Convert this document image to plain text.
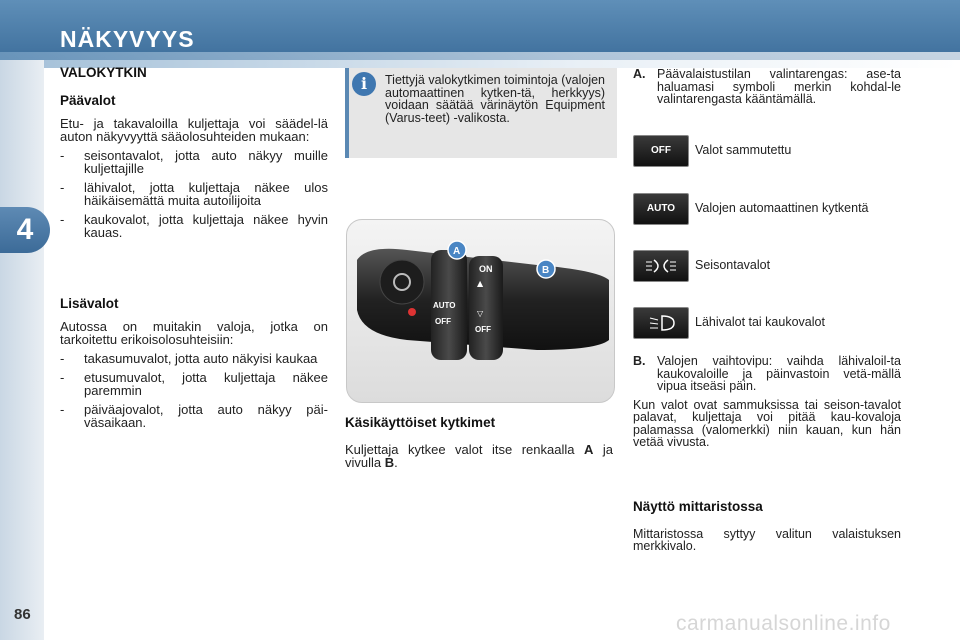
NÄKYVYYS
4
86
VALOKYTKIN
Päävalot

Etu- ja takavaloilla kuljettaja voi säädel-lä auton näkyvyyttä sääolosuhteiden mukaan:

- seisontavalot, jotta auto näkyy muille kuljettajille
- lähivalot, jotta kuljettaja näkee ulos häikäisemättä muita autoilijoita
- kaukovalot, jotta kuljettaja näkee hyvin kauas.
Lisävalot

Autossa on muitakin valoja, jotka on tarkoitettu erikoisolosuhteisiin:

- takasumuvalot, jotta auto näkyisi kaukaa
- etusumuvalot, jotta kuljettaja näkee paremmin
- päiväajovalot, jotta auto näkyy päi-väsaikaan.
i	Tiettyjä valokytkimen toimintoja (valojen automaattinen kytken-tä, herkkyys) voidaan säätää värinäytön Equipment (Varus-teet) -valikosta.
ON
AUTO
OFF
OFF
▲
▽
A
B
Käsikäyttöiset kytkimet

Kuljettaja kytkee valot itse renkaalla A ja vivulla B.

A. Päävalaistustilan valintarengas: ase-ta haluamasi symboli merkin kohdal-le valintarengasta kääntämällä.
OFF	Valot sammutettu
AUTO	Valojen automaattinen kytkentä
Seisontavalot
Lähivalot tai kaukovalot
B. Valojen vaihtovipu: vaihda lähivaloil-ta kaukovaloille ja päinvastoin vetä-mällä vipua itseäsi päin.

Kun valot ovat sammuksissa tai seison-tavalot palavat, kuljettaja voi pitää kau-kovaloja palamassa (valomerkki) niin kauan, kun hän vetää vivusta.

Näyttö mittaristossa

Mittaristossa syttyy valitun valaistuksen merkkivalo.

carmanualsonline.info
